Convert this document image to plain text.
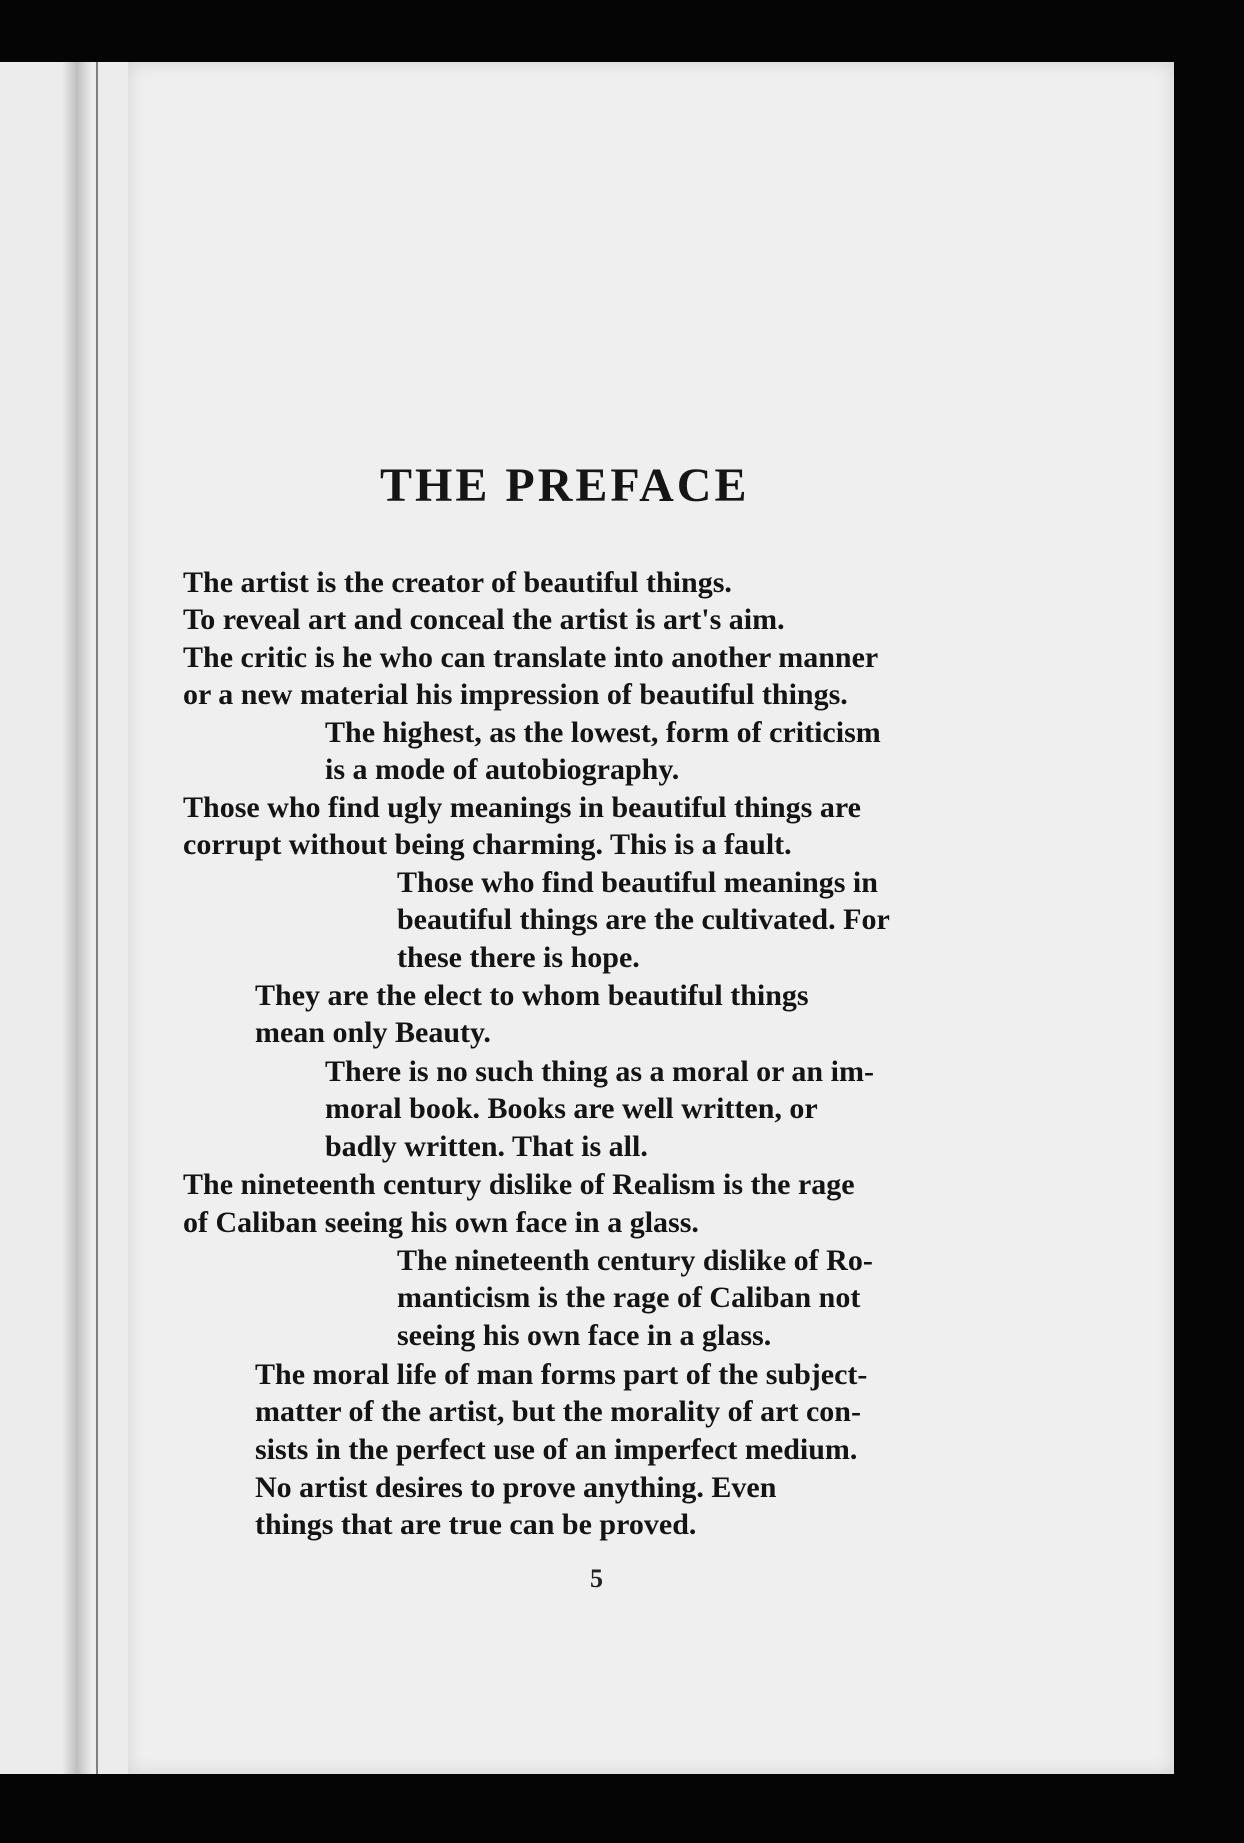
THE PREFACE

The artist is the creator of beautiful things.

To reveal art and conceal the artist is art's aim.

The critic is he who can translate into another manner

or a new material his impression of beautiful things.

The highest, as the lowest, form of criticism

is a mode of autobiography.

Those who find ugly meanings in beautiful things are

corrupt without being charming. This is a fault.

Those who find beautiful meanings in

beautiful things are the cultivated. For

these there is hope.

They are the elect to whom beautiful things

mean only Beauty.

There is no such thing as a moral or an im-

moral book. Books are well written, or

badly written. That is all.

The nineteenth century dislike of Realism is the rage

of Caliban seeing his own face in a glass.

The nineteenth century dislike of Ro-

manticism is the rage of Caliban not

seeing his own face in a glass.

The moral life of man forms part of the subject-

matter of the artist, but the morality of art con-

sists in the perfect use of an imperfect medium.

No artist desires to prove anything. Even

things that are true can be proved.

5
